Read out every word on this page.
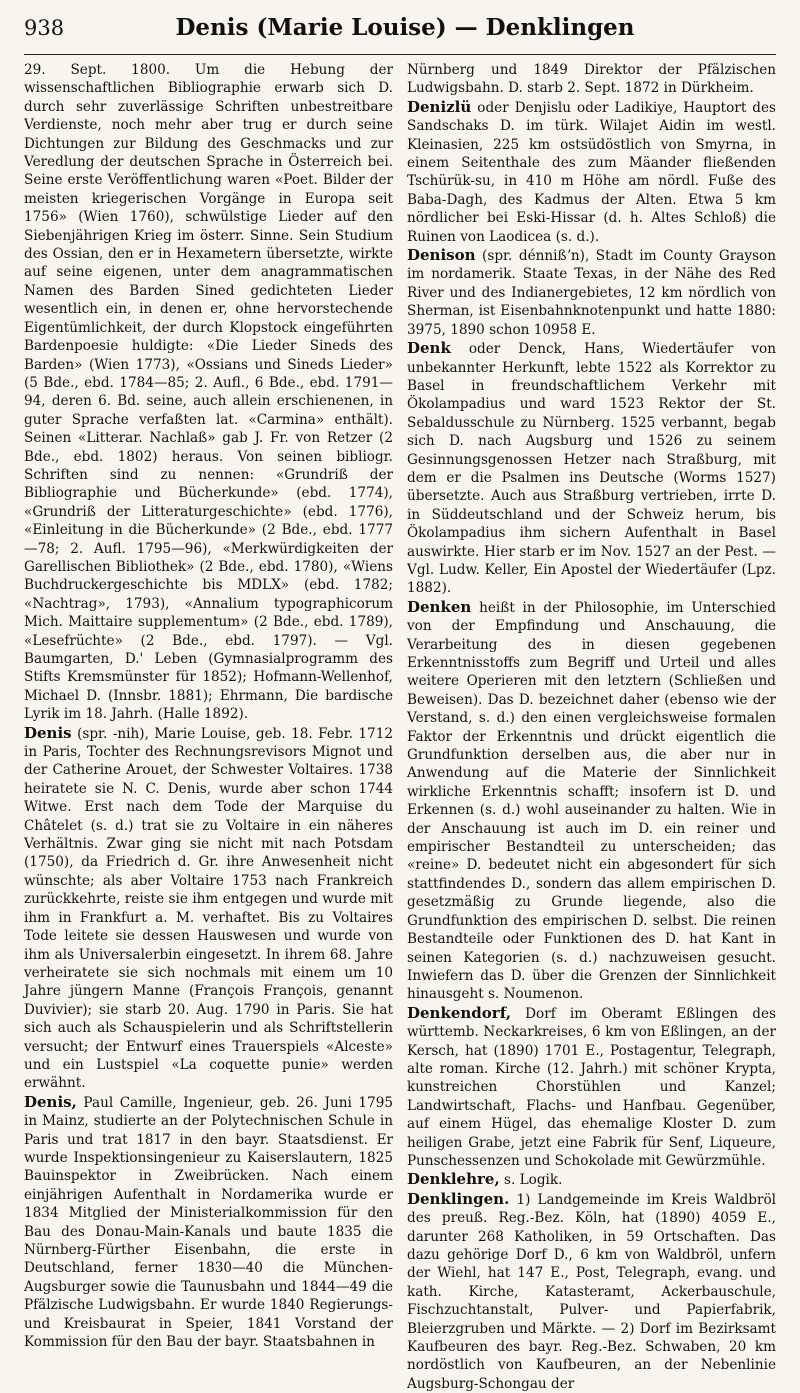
938	Denis (Marie Louise) — Denklingen

29. Sept. 1800. Um die Hebung der wissenschaftlichen Bibliographie erwarb sich D. durch sehr zuverlässige Schriften unbestreitbare Verdienste, noch mehr aber trug er durch seine Dichtungen zur Bildung des Geschmacks und zur Veredlung der deutschen Sprache in Österreich bei. Seine erste Veröffentlichung waren «Poet. Bilder der meisten kriegerischen Vorgänge in Europa seit 1756» (Wien 1760), schwülstige Lieder auf den Siebenjährigen Krieg im österr. Sinne. Sein Studium des Ossian, den er in Hexametern übersetzte, wirkte auf seine eigenen, unter dem anagrammatischen Namen des Barden Sined gedichteten Lieder wesentlich ein, in denen er, ohne hervorstechende Eigentümlichkeit, der durch Klopstock eingeführten Bardenpoesie huldigte: «Die Lieder Sineds des Barden» (Wien 1773), «Ossians und Sineds Lieder» (5 Bde., ebd. 1784—85; 2. Aufl., 6 Bde., ebd. 1791—94, deren 6. Bd. seine, auch allein erschienenen, in guter Sprache verfaßten lat. «Carmina» enthält). Seinen «Litterar. Nachlaß» gab J. Fr. von Retzer (2 Bde., ebd. 1802) heraus. Von seinen bibliogr. Schriften sind zu nennen: «Grundriß der Bibliographie und Bücherkunde» (ebd. 1774), «Grundriß der Litteraturgeschichte» (ebd. 1776), «Einleitung in die Bücherkunde» (2 Bde., ebd. 1777—78; 2. Aufl. 1795—96), «Merkwürdigkeiten der Garellischen Bibliothek» (2 Bde., ebd. 1780), «Wiens Buchdruckergeschichte bis MDLX» (ebd. 1782; «Nachtrag», 1793), «Annalium typographicorum Mich. Maittaire supplementum» (2 Bde., ebd. 1789), «Lesefrüchte» (2 Bde., ebd. 1797). — Vgl. Baumgarten, D.' Leben (Gymnasialprogramm des Stifts Kremsmünster für 1852); Hofmann-Wellenhof, Michael D. (Innsbr. 1881); Ehrmann, Die bardische Lyrik im 18. Jahrh. (Halle 1892).

Denis (spr. -nih), Marie Louise, geb. 18. Febr. 1712 in Paris, Tochter des Rechnungsrevisors Mignot und der Catherine Arouet, der Schwester Voltaires. 1738 heiratete sie N. C. Denis, wurde aber schon 1744 Witwe. Erst nach dem Tode der Marquise du Châtelet (s. d.) trat sie zu Voltaire in ein näheres Verhältnis. Zwar ging sie nicht mit nach Potsdam (1750), da Friedrich d. Gr. ihre Anwesenheit nicht wünschte; als aber Voltaire 1753 nach Frankreich zurückkehrte, reiste sie ihm entgegen und wurde mit ihm in Frankfurt a. M. verhaftet. Bis zu Voltaires Tode leitete sie dessen Hauswesen und wurde von ihm als Universalerbin eingesetzt. In ihrem 68. Jahre verheiratete sie sich nochmals mit einem um 10 Jahre jüngern Manne (François François, genannt Duvivier); sie starb 20. Aug. 1790 in Paris. Sie hat sich auch als Schauspielerin und als Schriftstellerin versucht; der Entwurf eines Trauerspiels «Alceste» und ein Lustspiel «La coquette punie» werden erwähnt.

Denis, Paul Camille, Ingenieur, geb. 26. Juni 1795 in Mainz, studierte an der Polytechnischen Schule in Paris und trat 1817 in den bayr. Staatsdienst. Er wurde Inspektionsingenieur zu Kaiserslautern, 1825 Bauinspektor in Zweibrücken. Nach einem einjährigen Aufenthalt in Nordamerika wurde er 1834 Mitglied der Ministerialkommission für den Bau des Donau-Main-Kanals und baute 1835 die Nürnberg-Fürther Eisenbahn, die erste in Deutschland, ferner 1830—40 die München-Augsburger sowie die Taunusbahn und 1844—49 die Pfälzische Ludwigsbahn. Er wurde 1840 Regierungs- und Kreisbaurat in Speier, 1841 Vorstand der Kommission für den Bau der bayr. Staatsbahnen in

Nürnberg und 1849 Direktor der Pfälzischen Ludwigsbahn. D. starb 2. Sept. 1872 in Dürkheim.

Denizlü oder Denjislu oder Ladikiye, Hauptort des Sandschaks D. im türk. Wilajet Aidin im westl. Kleinasien, 225 km ostsüdöstlich von Smyrna, in einem Seitenthale des zum Mäander fließenden Tschürük-su, in 410 m Höhe am nördl. Fuße des Baba-Dagh, des Kadmus der Alten. Etwa 5 km nördlicher bei Eski-Hissar (d. h. Altes Schloß) die Ruinen von Laodicea (s. d.).

Denison (spr. dénnißʼn), Stadt im County Grayson im nordamerik. Staate Texas, in der Nähe des Red River und des Indianergebietes, 12 km nördlich von Sherman, ist Eisenbahnknotenpunkt und hatte 1880: 3975, 1890 schon 10958 E.

Denk oder Denck, Hans, Wiedertäufer von unbekannter Herkunft, lebte 1522 als Korrektor zu Basel in freundschaftlichem Verkehr mit Ökolampadius und ward 1523 Rektor der St. Sebaldusschule zu Nürnberg. 1525 verbannt, begab sich D. nach Augsburg und 1526 zu seinem Gesinnungsgenossen Hetzer nach Straßburg, mit dem er die Psalmen ins Deutsche (Worms 1527) übersetzte. Auch aus Straßburg vertrieben, irrte D. in Süddeutschland und der Schweiz herum, bis Ökolampadius ihm sichern Aufenthalt in Basel auswirkte. Hier starb er im Nov. 1527 an der Pest. — Vgl. Ludw. Keller, Ein Apostel der Wiedertäufer (Lpz. 1882).

Denken heißt in der Philosophie, im Unterschied von der Empfindung und Anschauung, die Verarbeitung des in diesen gegebenen Erkenntnisstoffs zum Begriff und Urteil und alles weitere Operieren mit den letztern (Schließen und Beweisen). Das D. bezeichnet daher (ebenso wie der Verstand, s. d.) den einen vergleichsweise formalen Faktor der Erkenntnis und drückt eigentlich die Grundfunktion derselben aus, die aber nur in Anwendung auf die Materie der Sinnlichkeit wirkliche Erkenntnis schafft; insofern ist D. und Erkennen (s. d.) wohl auseinander zu halten. Wie in der Anschauung ist auch im D. ein reiner und empirischer Bestandteil zu unterscheiden; das «reine» D. bedeutet nicht ein abgesondert für sich stattfindendes D., sondern das allem empirischen D. gesetzmäßig zu Grunde liegende, also die Grundfunktion des empirischen D. selbst. Die reinen Bestandteile oder Funktionen des D. hat Kant in seinen Kategorien (s. d.) nachzuweisen gesucht. Inwiefern das D. über die Grenzen der Sinnlichkeit hinausgeht s. Noumenon.

Denkendorf, Dorf im Oberamt Eßlingen des württemb. Neckarkreises, 6 km von Eßlingen, an der Kersch, hat (1890) 1701 E., Postagentur, Telegraph, alte roman. Kirche (12. Jahrh.) mit schöner Krypta, kunstreichen Chorstühlen und Kanzel; Landwirtschaft, Flachs- und Hanfbau. Gegenüber, auf einem Hügel, das ehemalige Kloster D. zum heiligen Grabe, jetzt eine Fabrik für Senf, Liqueure, Punschessenzen und Schokolade mit Gewürzmühle.

Denklehre, s. Logik.

Denklingen. 1) Landgemeinde im Kreis Waldbröl des preuß. Reg.-Bez. Köln, hat (1890) 4059 E., darunter 268 Katholiken, in 59 Ortschaften. Das dazu gehörige Dorf D., 6 km von Waldbröl, unfern der Wiehl, hat 147 E., Post, Telegraph, evang. und kath. Kirche, Katasteramt, Ackerbauschule, Fischzuchtanstalt, Pulver- und Papierfabrik, Bleierzgruben und Märkte. — 2) Dorf im Bezirksamt Kaufbeuren des bayr. Reg.-Bez. Schwaben, 20 km nordöstlich von Kaufbeuren, an der Nebenlinie Augsburg-Schongau der
